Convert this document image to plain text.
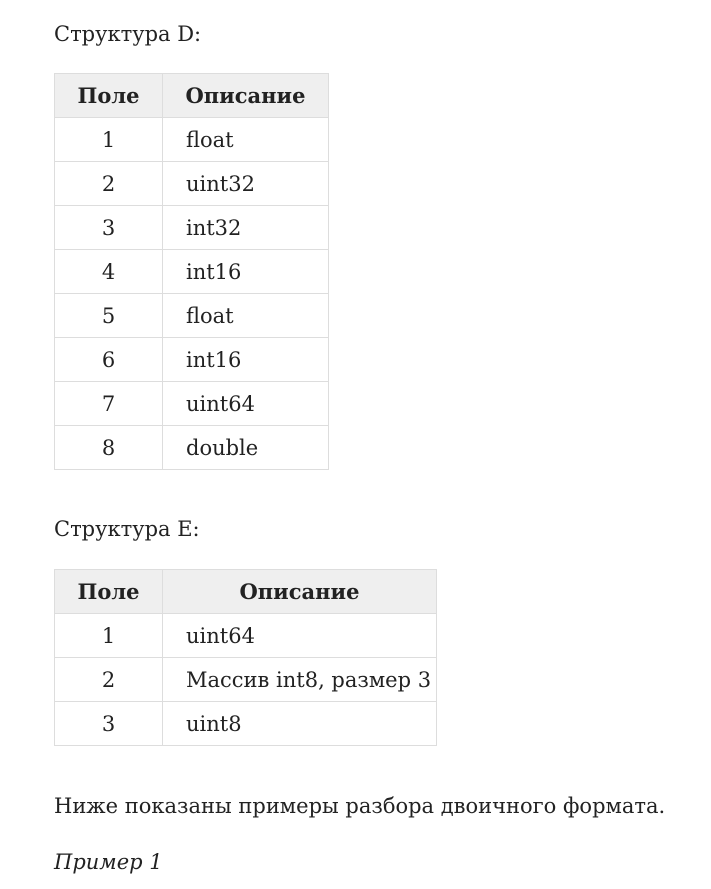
Структура D:

Поле	Описание
1	float
2	uint32
3	int32
4	int16
5	float
6	int16
7	uint64
8	double

Структура E:

Поле	Описание
1	uint64
2	Массив int8, размер 3
3	uint8

Ниже показаны примеры разбора двоичного формата.

Пример 1
